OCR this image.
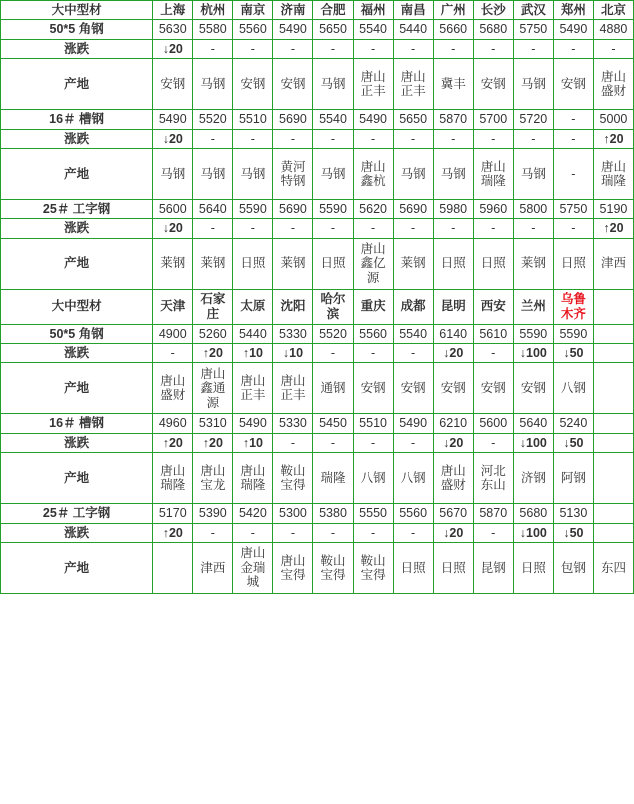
大中型材	上海	杭州	南京	济南	合肥	福州	南昌	广州	长沙	武汉	郑州	北京
50*5 角钢	5630	5580	5560	5490	5650	5540	5440	5660	5680	5750	5490	4880
涨跌	↓20	-	-	-	-	-	-	-	-	-	-	-
产地	安钢	马钢	安钢	安钢	马钢	唐山正丰	唐山正丰	冀丰	安钢	马钢	安钢	唐山盛财
16＃ 槽钢	5490	5520	5510	5690	5540	5490	5650	5870	5700	5720	-	5000
涨跌	↓20	-	-	-	-	-	-	-	-	-	-	↑20
产地	马钢	马钢	马钢	黄河特钢	马钢	唐山鑫杭	马钢	马钢	唐山瑞隆	马钢	-	唐山瑞隆
25＃ 工字钢	5600	5640	5590	5690	5590	5620	5690	5980	5960	5800	5750	5190
涨跌	↓20	-	-	-	-	-	-	-	-	-	-	↑20
产地	莱钢	莱钢	日照	莱钢	日照	唐山鑫亿源	莱钢	日照	日照	莱钢	日照	津西
大中型材	天津	石家庄	太原	沈阳	哈尔滨	重庆	成都	昆明	西安	兰州	乌鲁木齐	
50*5 角钢	4900	5260	5440	5330	5520	5560	5540	6140	5610	5590	5590	
涨跌	-	↑20	↑10	↓10	-	-	-	↓20	-	↓100	↓50	
产地	唐山盛财	唐山鑫通源	唐山正丰	唐山正丰	通钢	安钢	安钢	安钢	安钢	安钢	八钢	
16＃ 槽钢	4960	5310	5490	5330	5450	5510	5490	6210	5600	5640	5240	
涨跌	↑20	↑20	↑10	-	-	-	-	↓20	-	↓100	↓50	
产地	唐山瑞隆	唐山宝龙	唐山瑞隆	鞍山宝得	瑞隆	八钢	八钢	唐山盛财	河北东山	济钢	阿钢	
25＃ 工字钢	5170	5390	5420	5300	5380	5550	5560	5670	5870	5680	5130	
涨跌	↑20	-	-	-	-	-	-	↓20	-	↓100	↓50	
产地		津西	唐山金瑞城	唐山宝得	鞍山宝得	鞍山宝得	日照	日照	昆钢	日照	包钢	东四
